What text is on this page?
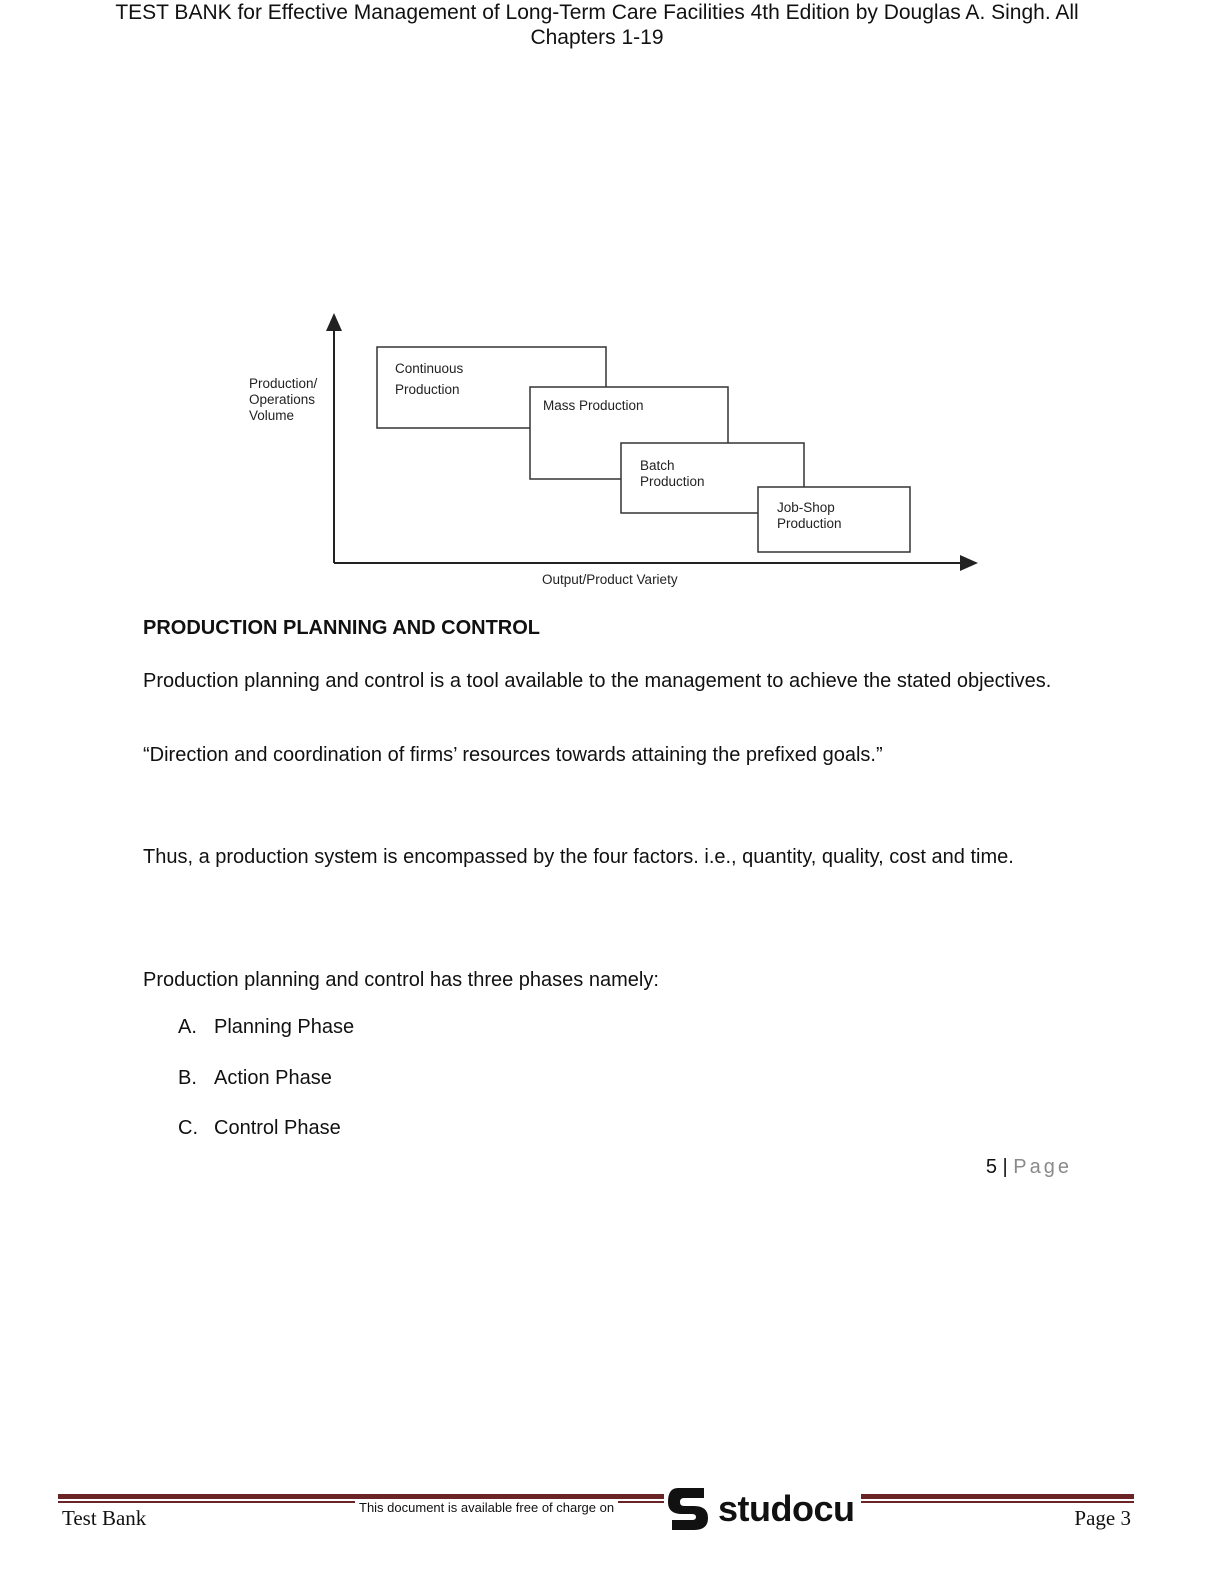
TEST BANK for Effective Management of Long-Term Care Facilities 4th Edition by Douglas A. Singh. All
Chapters 1-19
Production/
Operations
Volume
Continuous
Production
Mass Production
Batch
Production
Job-Shop
Production
Output/Product Variety
PRODUCTION PLANNING AND CONTROL

Production planning and control is a tool available to the management to achieve the stated objectives.

“Direction and coordination of firms’ resources towards attaining the prefixed goals.”

Thus, a production system is encompassed by the four factors. i.e., quantity, quality, cost and time.

Production planning and control has three phases namely:

A. Planning Phase
B. Action Phase
C. Control Phase
5 | Page
Test Bank	This document is available free of charge on	studocu	Page 3
